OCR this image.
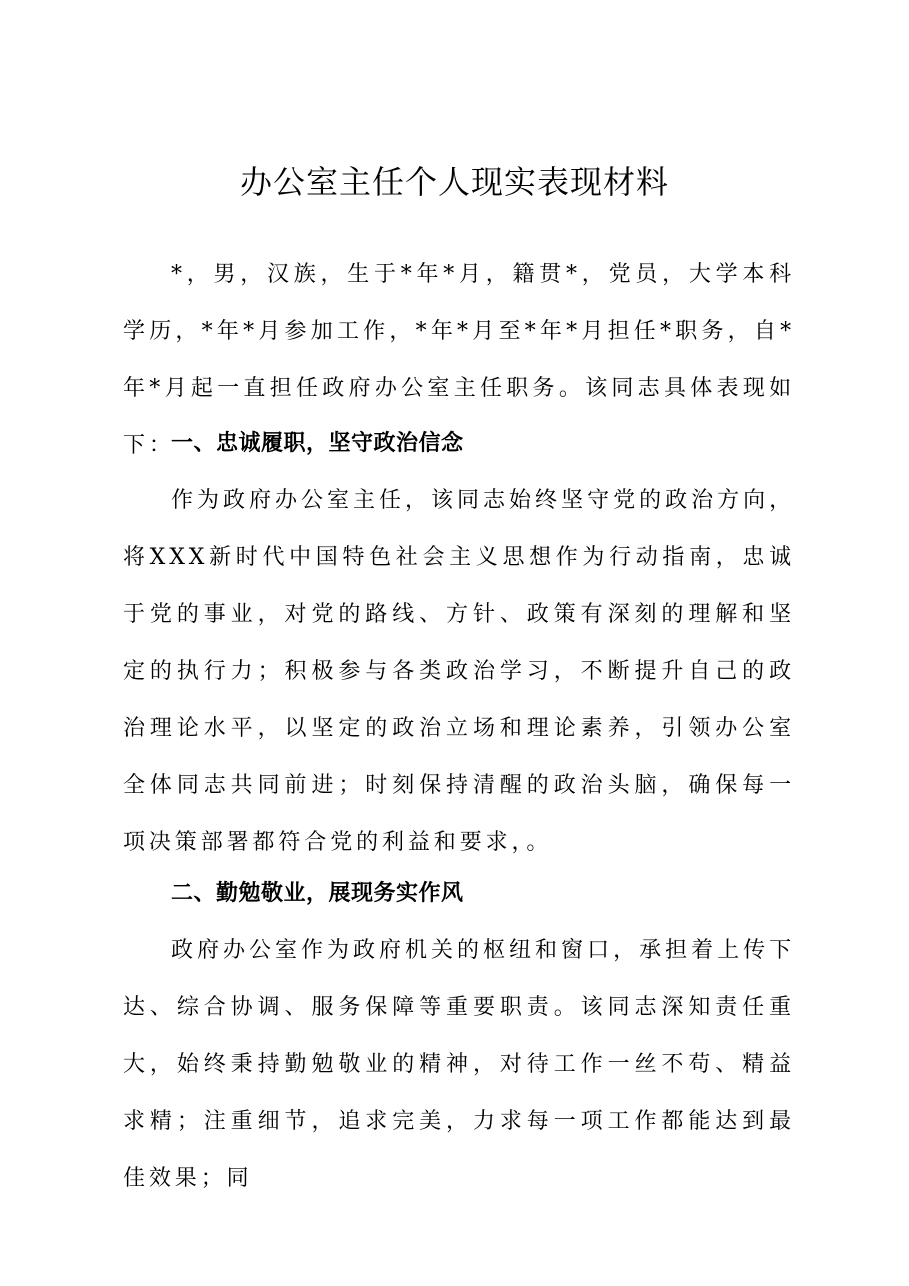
办公室主任个人现实表现材料

*，男，汉族，生于*年*月，籍贯*，党员，大学本科学历，*年*月参加工作，*年*月至*年*月担任*职务，自*年*月起一直担任政府办公室主任职务。该同志具体表现如下：

一、忠诚履职，坚守政治信念

作为政府办公室主任，该同志始终坚守党的政治方向，将XXX新时代中国特色社会主义思想作为行动指南，忠诚于党的事业，对党的路线、方针、政策有深刻的理解和坚定的执行力；积极参与各类政治学习，不断提升自己的政治理论水平，以坚定的政治立场和理论素养，引领办公室全体同志共同前进；时刻保持清醒的政治头脑，确保每一项决策部署都符合党的利益和要求，。

二、勤勉敬业，展现务实作风

政府办公室作为政府机关的枢纽和窗口，承担着上传下达、综合协调、服务保障等重要职责。该同志深知责任重大，始终秉持勤勉敬业的精神，对待工作一丝不苟、精益求精；注重细节，追求完美，力求每一项工作都能达到最佳效果；同
